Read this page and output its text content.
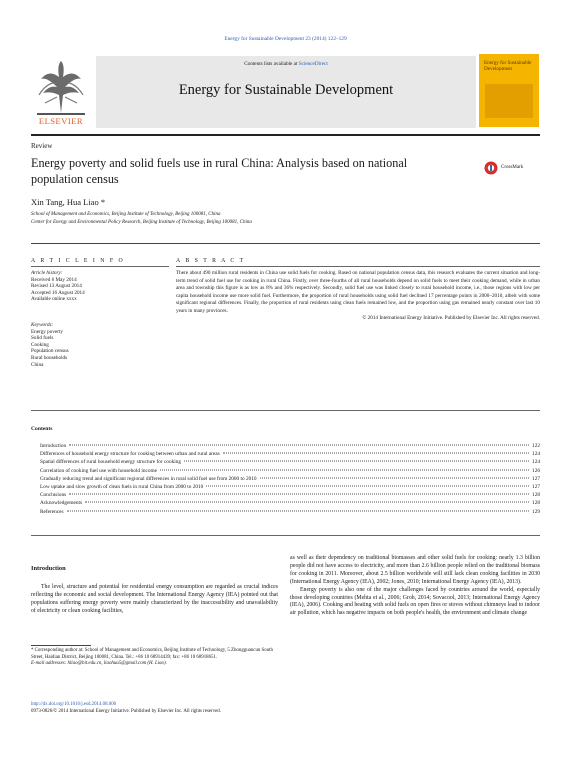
Energy for Sustainable Development 23 (2014) 122–129
ELSEVIER
Contents lists available at ScienceDirect
Energy for Sustainable Development
Energy for Sustainable Development
Review
Energy poverty and solid fuels use in rural China: Analysis based on national population census
CrossMark
Xin Tang, Hua Liao *
School of Management and Economics, Beijing Institute of Technology, Beijing 100081, China
Center for Energy and Environmental Policy Research, Beijing Institute of Technology, Beijing 100081, China
A R T I C L E I N F O
Article history:
Received 6 May 2014
Revised 13 August 2014
Accepted 16 August 2014
Available online xxxx
Keywords:
Energy poverty
Solid fuels
Cooking
Population census
Rural households
China
A B S T R A C T
There about 490 million rural residents in China use solid fuels for cooking. Based on national population census data, this research evaluates the current situation and long-term trend of solid fuel use for cooking in rural China. Firstly, over three-fourths of all rural households depend on solid fuels to meet their cooking demand, while in urban area and township this figure is as low as 8% and 36% respectively. Secondly, solid fuel use was linked closely to rural household income, i.e., those regions with low per capita household income use more solid fuel. Furthermore, the proportion of rural households using solid fuel declined 17 percentage points in 2000–2010, albeit with some significant regional differences. Finally, the proportion of rural residents using clean fuels remained low, and the proportion using gas remained nearly constant over last 10 years in many provinces.
© 2014 International Energy Initiative. Published by Elsevier Inc. All rights reserved.
Contents
Introduction	122
Differences of household energy structure for cooking between urban and rural areas	124
Spatial differences of rural household energy structure for cooking	124
Correlation of cooking fuel use with household income	126
Gradually reducing trend and significant regional differences in rural solid fuel use from 2000 to 2010	127
Low uptake and slow growth of clean fuels in rural China from 2000 to 2010	127
Conclusions	128
Acknowledgements	128
References	129
Introduction
The level, structure and potential for residential energy consumption are regarded as crucial indices reflecting the economic and social development. The International Energy Agency (IEA) pointed out that populations suffering energy poverty were mainly characterized by the inaccessibility and unavailability of electricity or clean cooking facilities,
as well as their dependency on traditional biomasses and other solid fuels for cooking: nearly 1.3 billion people did not have access to electricity, and more than 2.6 billion people relied on the traditional biomass for cooking in 2011. Moreover, about 2.5 billion worldwide will still lack clean cooking facilities in 2030 (International Energy Agency (IEA), 2002; Jones, 2010; International Energy Agency (IEA), 2013).
Energy poverty is also one of the major challenges faced by countries around the world, especially those developing countries (Mehta et al., 2006; Groh, 2014; Sovacool, 2013; International Energy Agency (IEA), 2006). Cooking and heating with solid fuels on open fires or stoves without chimneys lead to indoor air pollution, which has negative impacts on both people's health, the environment and climate change
* Corresponding author at: School of Management and Economics, Beijing Institute of Technology, 5 Zhongguancun South Street, Haidian District, Beijing 100081, China. Tel.: +86 10 68914439; fax: +86 10 68918651.
E-mail addresses: hliao@bit.edu.cn, liaohua5@gmail.com (H. Liao).
http://dx.doi.org/10.1016/j.esd.2014.08.006
0973-0826/© 2014 International Energy Initiative. Published by Elsevier Inc. All rights reserved.
